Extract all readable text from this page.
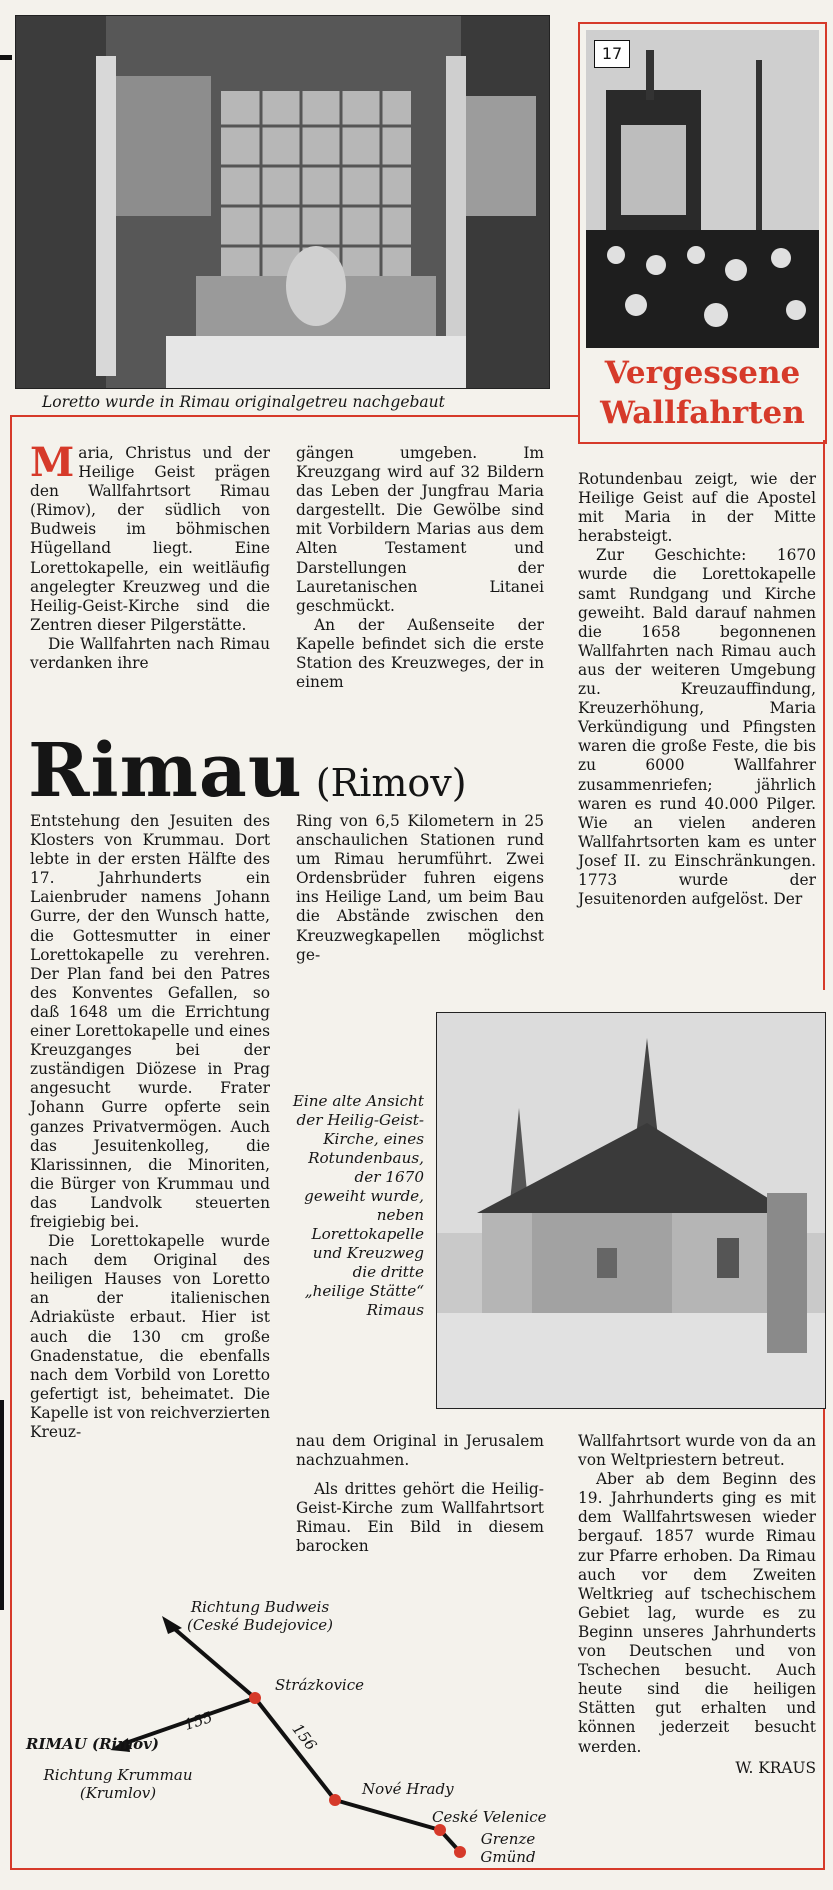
Loretto wurde in Rimau originalgetreu nachgebaut
17
Vergessene
Wallfahrten
M aria, Christus und der Heilige Geist prägen den Wallfahrtsort Rimau (Rimov), der südlich von Budweis im böhmischen Hügelland liegt. Eine Lorettokapelle, ein weitläufig angelegter Kreuzweg und die Heilig-Geist-Kirche sind die Zentren dieser Pilgerstätte.

Die Wallfahrten nach Rimau verdanken ihre

gängen umgeben. Im Kreuzgang wird auf 32 Bildern das Leben der Jungfrau Maria dargestellt. Die Gewölbe sind mit Vorbildern Marias aus dem Alten Testament und Darstellungen der Lauretanischen Litanei geschmückt.

An der Außenseite der Kapelle befindet sich die erste Station des Kreuzweges, der in einem

Rotundenbau zeigt, wie der Heilige Geist auf die Apostel mit Maria in der Mitte herabsteigt.

Zur Geschichte: 1670 wurde die Lorettokapelle samt Rundgang und Kirche geweiht. Bald darauf nahmen die 1658 begonnenen Wallfahrten nach Rimau auch aus der weiteren Umgebung zu. Kreuzauffindung, Kreuzerhöhung, Maria Verkündigung und Pfingsten waren die große Feste, die bis zu 6000 Wallfahrer zusammenriefen; jährlich waren es rund 40.000 Pilger. Wie an vielen anderen Wallfahrtsorten kam es unter Josef II. zu Einschränkungen. 1773 wurde der Jesuitenorden aufgelöst. Der

Rimau (Rimov)

Entstehung den Jesuiten des Klosters von Krummau. Dort lebte in der ersten Hälfte des 17. Jahrhunderts ein Laienbruder namens Johann Gurre, der den Wunsch hatte, die Gottesmutter in einer Lorettokapelle zu verehren. Der Plan fand bei den Patres des Konventes Gefallen, so daß 1648 um die Errichtung einer Lorettokapelle und eines Kreuzganges bei der zuständigen Diözese in Prag angesucht wurde. Frater Johann Gurre opferte sein ganzes Privatvermögen. Auch das Jesuitenkolleg, die Klarissinnen, die Minoriten, die Bürger von Krummau und das Landvolk steuerten freigiebig bei.

Die Lorettokapelle wurde nach dem Original des heiligen Hauses von Loretto an der italienischen Adriaküste erbaut. Hier ist auch die 130 cm große Gnadenstatue, die ebenfalls nach dem Vorbild von Loretto gefertigt ist, beheimatet. Die Kapelle ist von reichverzierten Kreuz-

Ring von 6,5 Kilometern in 25 anschaulichen Stationen rund um Rimau herumführt. Zwei Ordensbrüder fuhren eigens ins Heilige Land, um beim Bau die Abstände zwischen den Kreuzwegkapellen möglichst ge-

Eine alte Ansicht der Heilig-Geist-Kirche, eines Rotundenbaus, der 1670 geweiht wurde, neben Lorettokapelle und Kreuzweg die dritte „heilige Stätte“ Rimaus

nau dem Original in Jerusalem nachzuahmen.

Als drittes gehört die Heilig-Geist-Kirche zum Wallfahrtsort Rimau. Ein Bild in diesem barocken

Wallfahrtsort wurde von da an von Weltpriestern betreut.

Aber ab dem Beginn des 19. Jahrhunderts ging es mit dem Wallfahrtswesen wieder bergauf. 1857 wurde Rimau zur Pfarre erhoben. Da Rimau auch vor dem Zweiten Weltkrieg auf tschechischem Gebiet lag, wurde es zu Beginn unseres Jahrhunderts von Deutschen und von Tschechen besucht. Auch heute sind die heiligen Stätten gut erhalten und können jederzeit besucht werden.

W. KRAUS

Richtung Budweis
(Ceské Budejovice)
Strázkovice
RIMAU (Rimov)
155	156
Richtung Krummau
(Krumlov)	Nové Hrady
Ceské Velenice
Grenze
Gmünd
